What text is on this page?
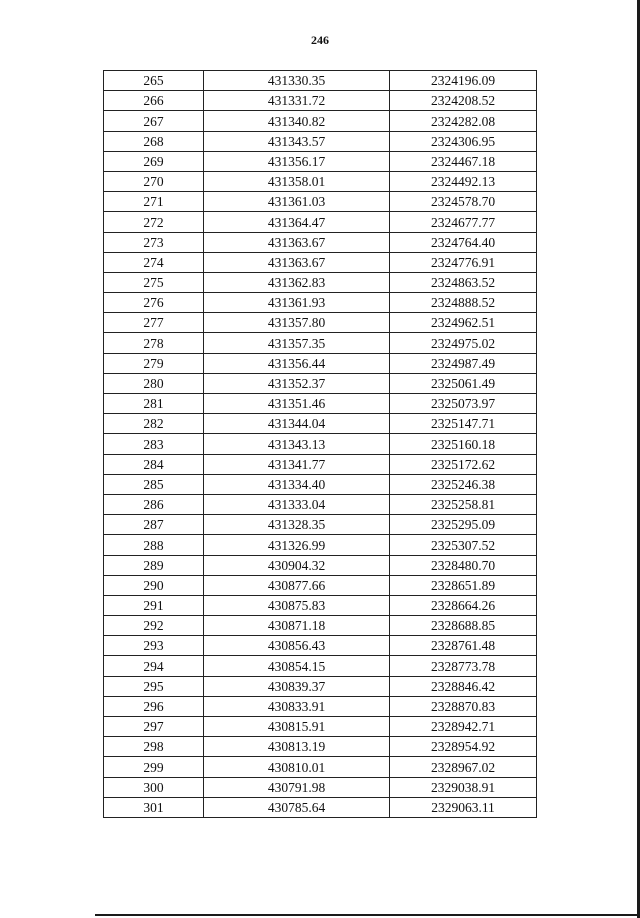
246
265	431330.35	2324196.09
266	431331.72	2324208.52
267	431340.82	2324282.08
268	431343.57	2324306.95
269	431356.17	2324467.18
270	431358.01	2324492.13
271	431361.03	2324578.70
272	431364.47	2324677.77
273	431363.67	2324764.40
274	431363.67	2324776.91
275	431362.83	2324863.52
276	431361.93	2324888.52
277	431357.80	2324962.51
278	431357.35	2324975.02
279	431356.44	2324987.49
280	431352.37	2325061.49
281	431351.46	2325073.97
282	431344.04	2325147.71
283	431343.13	2325160.18
284	431341.77	2325172.62
285	431334.40	2325246.38
286	431333.04	2325258.81
287	431328.35	2325295.09
288	431326.99	2325307.52
289	430904.32	2328480.70
290	430877.66	2328651.89
291	430875.83	2328664.26
292	430871.18	2328688.85
293	430856.43	2328761.48
294	430854.15	2328773.78
295	430839.37	2328846.42
296	430833.91	2328870.83
297	430815.91	2328942.71
298	430813.19	2328954.92
299	430810.01	2328967.02
300	430791.98	2329038.91
301	430785.64	2329063.11
